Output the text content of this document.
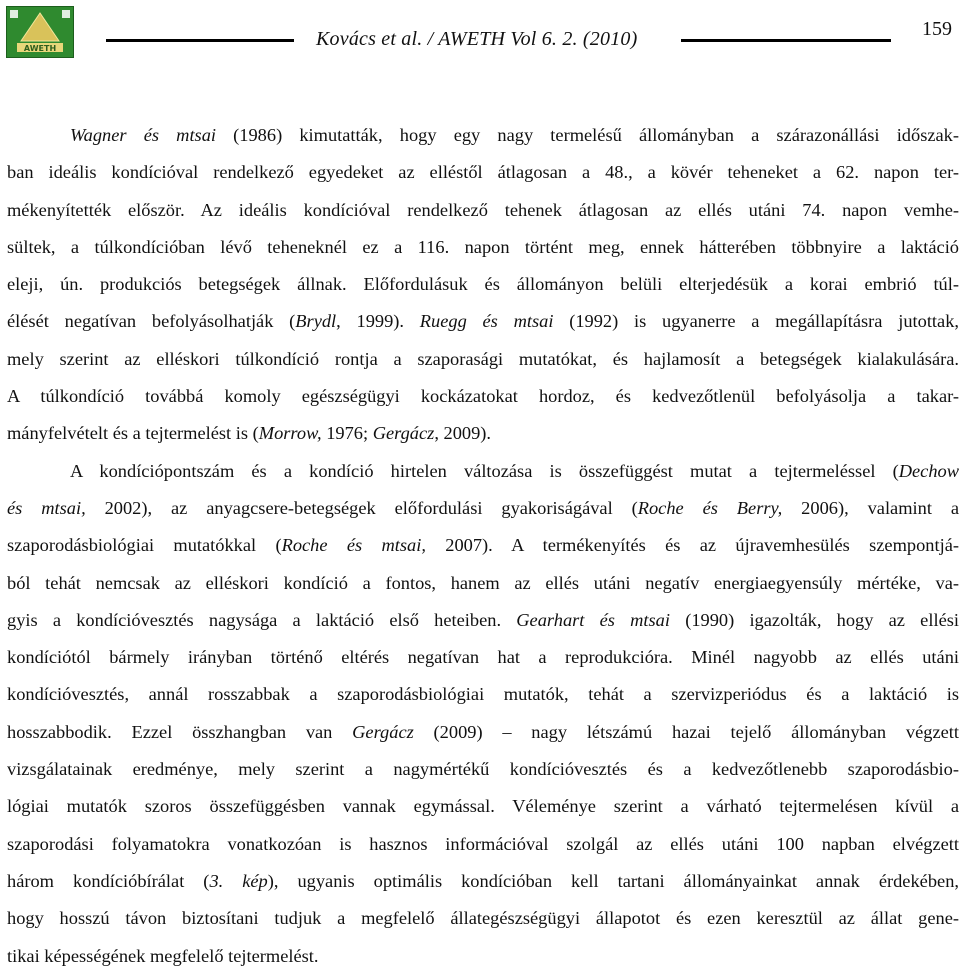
AWETH	Kovács et al. / AWETH Vol 6. 2. (2010)	159
Wagner és mtsai (1986) kimutatták, hogy egy nagy termelésű állományban a szárazonállási időszak-
ban ideális kondícióval rendelkező egyedeket az elléstől átlagosan a 48., a kövér teheneket a 62. napon ter-
mékenyítették először. Az ideális kondícióval rendelkező tehenek átlagosan az ellés utáni 74. napon vemhe-
sültek, a túlkondícióban lévő teheneknél ez a 116. napon történt meg, ennek hátterében többnyire a laktáció
eleji, ún. produkciós betegségek állnak. Előfordulásuk és állományon belüli elterjedésük a korai embrió túl-
élését negatívan befolyásolhatják (Brydl, 1999). Ruegg és mtsai (1992) is ugyanerre a megállapításra jutottak,
mely szerint az elléskori túlkondíció rontja a szaporasági mutatókat, és hajlamosít a betegségek kialakulására.
A túlkondíció továbbá komoly egészségügyi kockázatokat hordoz, és kedvezőtlenül befolyásolja a takar-
mányfelvételt és a tejtermelést is (Morrow, 1976; Gergácz, 2009).
A kondíciópontszám és a kondíció hirtelen változása is összefüggést mutat a tejtermeléssel (Dechow
és mtsai, 2002), az anyagcsere-betegségek előfordulási gyakoriságával (Roche és Berry, 2006), valamint a
szaporodásbiológiai mutatókkal (Roche és mtsai, 2007). A termékenyítés és az újravemhesülés szempontjá-
ból tehát nemcsak az elléskori kondíció a fontos, hanem az ellés utáni negatív energiaegyensúly mértéke, va-
gyis a kondícióvesztés nagysága a laktáció első heteiben. Gearhart és mtsai (1990) igazolták, hogy az ellési
kondíciótól bármely irányban történő eltérés negatívan hat a reprodukcióra. Minél nagyobb az ellés utáni
kondícióvesztés, annál rosszabbak a szaporodásbiológiai mutatók, tehát a szervizperiódus és a laktáció is
hosszabbodik. Ezzel összhangban van Gergácz (2009) – nagy létszámú hazai tejelő állományban végzett
vizsgálatainak eredménye, mely szerint a nagymértékű kondícióvesztés és a kedvezőtlenebb szaporodásbio-
lógiai mutatók szoros összefüggésben vannak egymással. Véleménye szerint a várható tejtermelésen kívül a
szaporodási folyamatokra vonatkozóan is hasznos információval szolgál az ellés utáni 100 napban elvégzett
három kondícióbírálat (3. kép), ugyanis optimális kondícióban kell tartani állományainkat annak érdekében,
hogy hosszú távon biztosítani tudjuk a megfelelő állategészségügyi állapotot és ezen keresztül az állat gene-
tikai képességének megfelelő tejtermelést.
